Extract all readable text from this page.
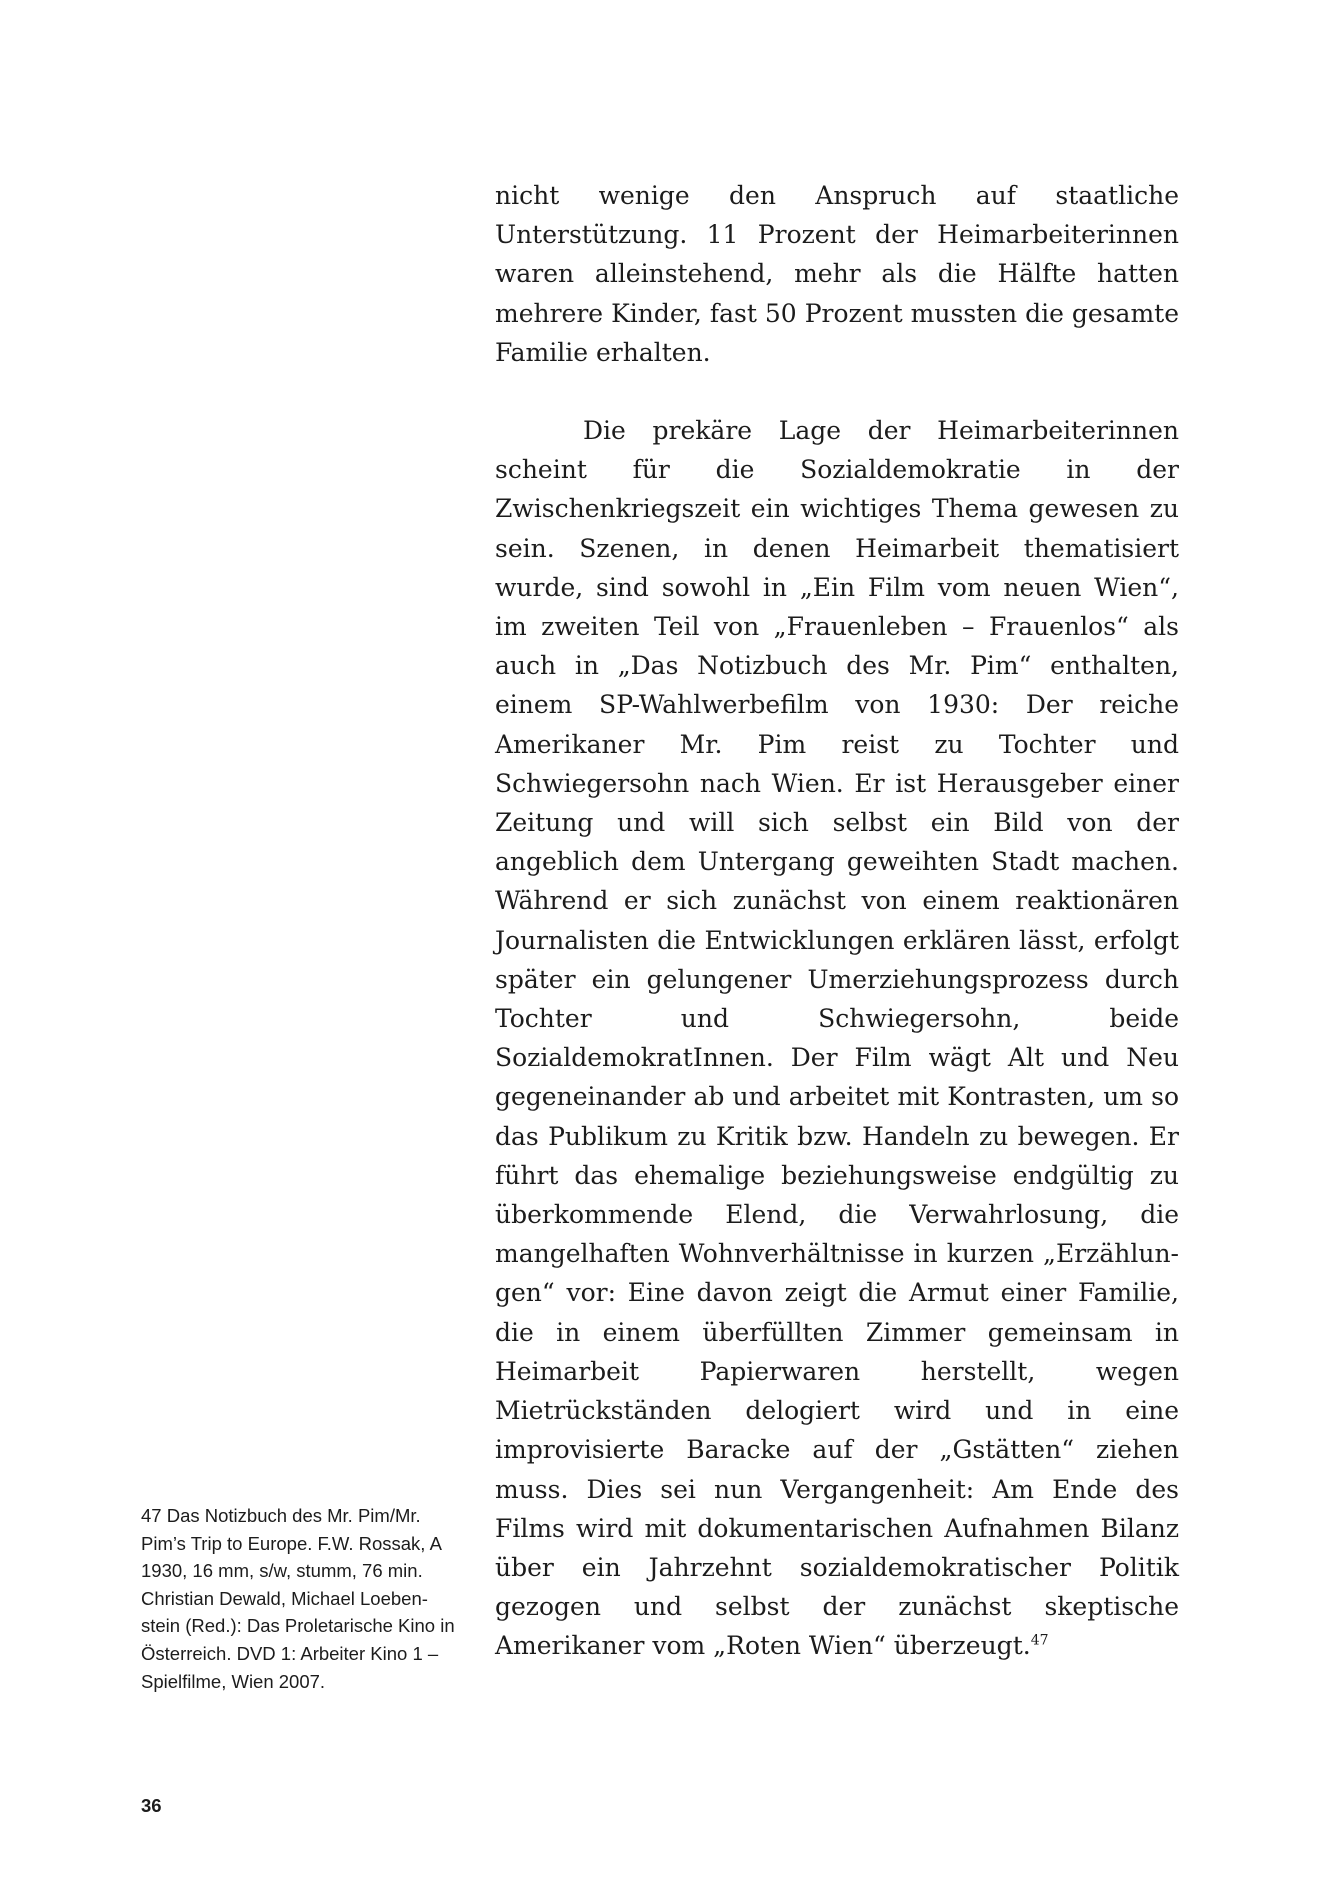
nicht wenige den Anspruch auf staatliche Unterstützung. 11 Prozent der Heimarbeiterinnen waren alleinstehend, mehr als die Hälfte hatten mehrere Kinder, fast 50 Prozent mussten die gesamte Familie erhalten.

Die prekäre Lage der Heimarbeiterinnen scheint für die Sozialdemokratie in der Zwischenkriegszeit ein wichtiges Thema gewesen zu sein. Szenen, in denen Heimarbeit thematisiert wurde, sind sowohl in „Ein Film vom neuen Wien“, im zweiten Teil von „Frauenleben – Frauenlos“ als auch in „Das Notizbuch des Mr. Pim“ enthalten, einem SP-Wahlwerbefilm von 1930: Der reiche Amerikaner Mr. Pim reist zu Tochter und Schwiegersohn nach Wien. Er ist Herausgeber einer Zeitung und will sich selbst ein Bild von der angeblich dem Untergang geweihten Stadt machen. Während er sich zunächst von einem reaktionären Journalisten die Entwicklungen erklären lässt, erfolgt später ein gelungener Umerziehungsprozess durch Tochter und Schwiegersohn, beide SozialdemokratInnen. Der Film wägt Alt und Neu gegeneinander ab und arbeitet mit Kontrasten, um so das Publikum zu Kritik bzw. Handeln zu bewegen. Er führt das ehemalige beziehungsweise endgültig zu überkommende Elend, die Verwahrlosung, die mangelhaften Wohnverhältnisse in kurzen „Erzählungen“ vor: Eine davon zeigt die Armut einer Familie, die in einem überfüllten Zimmer gemeinsam in Heimarbeit Papierwaren herstellt, wegen Mietrückständen delogiert wird und in eine improvisierte Baracke auf der „Gstätten“ ziehen muss. Dies sei nun Vergangenheit: Am Ende des Films wird mit dokumentarischen Aufnahmen Bilanz über ein Jahrzehnt sozialdemokratischer Politik gezogen und selbst der zunächst skeptische Amerikaner vom „Roten Wien“ überzeugt.$^{47}$

47 Das Notizbuch des Mr. Pim/Mr. Pim’s Trip to Europe. F.W. Rossak, A 1930, 16 mm, s/w, stumm, 76 min. Christian Dewald, Michael Loebenstein (Red.): Das Proletarische Kino in Österreich. DVD 1: Arbeiter Kino 1 – Spielfilme, Wien 2007.
36
